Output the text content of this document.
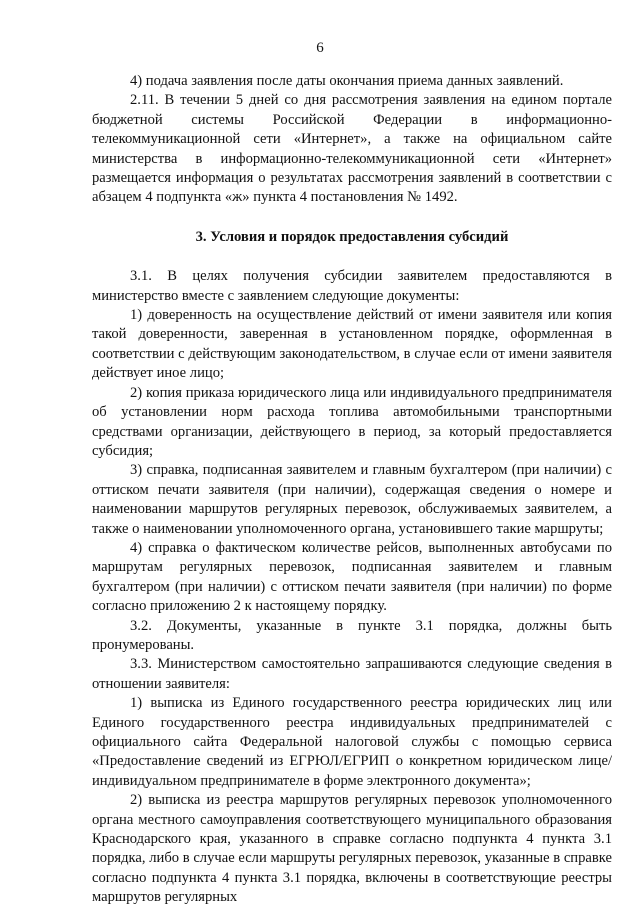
6

4) подача заявления после даты окончания приема данных заявлений.

2.11. В течении 5 дней со дня рассмотрения заявления на едином портале бюджетной системы Российской Федерации в информационно-телекоммуникационной сети «Интернет», а также на официальном сайте министерства в информационно-телекоммуникационной сети «Интернет» размещается информация о результатах рассмотрения заявлений в соответствии с абзацем 4 подпункта «ж» пункта 4 постановления № 1492.

3. Условия и порядок предоставления субсидий

3.1. В целях получения субсидии заявителем предоставляются в министерство вместе с заявлением следующие документы:

1) доверенность на осуществление действий от имени заявителя или копия такой доверенности, заверенная в установленном порядке, оформленная в соответствии с действующим законодательством, в случае если от имени заявителя действует иное лицо;

2) копия приказа юридического лица или индивидуального предпринимателя об установлении норм расхода топлива автомобильными транспортными средствами организации, действующего в период, за который предоставляется субсидия;

3) справка, подписанная заявителем и главным бухгалтером (при наличии) с оттиском печати заявителя (при наличии), содержащая сведения о номере и наименовании маршрутов регулярных перевозок, обслуживаемых заявителем, а также о наименовании уполномоченного органа, установившего такие маршруты;

4) справка о фактическом количестве рейсов, выполненных автобусами по маршрутам регулярных перевозок, подписанная заявителем и главным бухгалтером (при наличии) с оттиском печати заявителя (при наличии) по форме согласно приложению 2 к настоящему порядку.

3.2. Документы, указанные в пункте 3.1 порядка, должны быть пронумерованы.

3.3. Министерством самостоятельно запрашиваются следующие сведения в отношении заявителя:

1) выписка из Единого государственного реестра юридических лиц или Единого государственного реестра индивидуальных предпринимателей с официального сайта Федеральной налоговой службы с помощью сервиса «Предоставление сведений из ЕГРЮЛ/ЕГРИП о конкретном юридическом лице/индивидуальном предпринимателе в форме электронного документа»;

2) выписка из реестра маршрутов регулярных перевозок уполномоченного органа местного самоуправления соответствующего муниципального образования Краснодарского края, указанного в справке согласно подпункта 4 пункта 3.1 порядка, либо в случае если маршруты регулярных перевозок, указанные в справке согласно подпункта 4 пункта 3.1 порядка, включены в соответствующие реестры маршрутов регулярных
